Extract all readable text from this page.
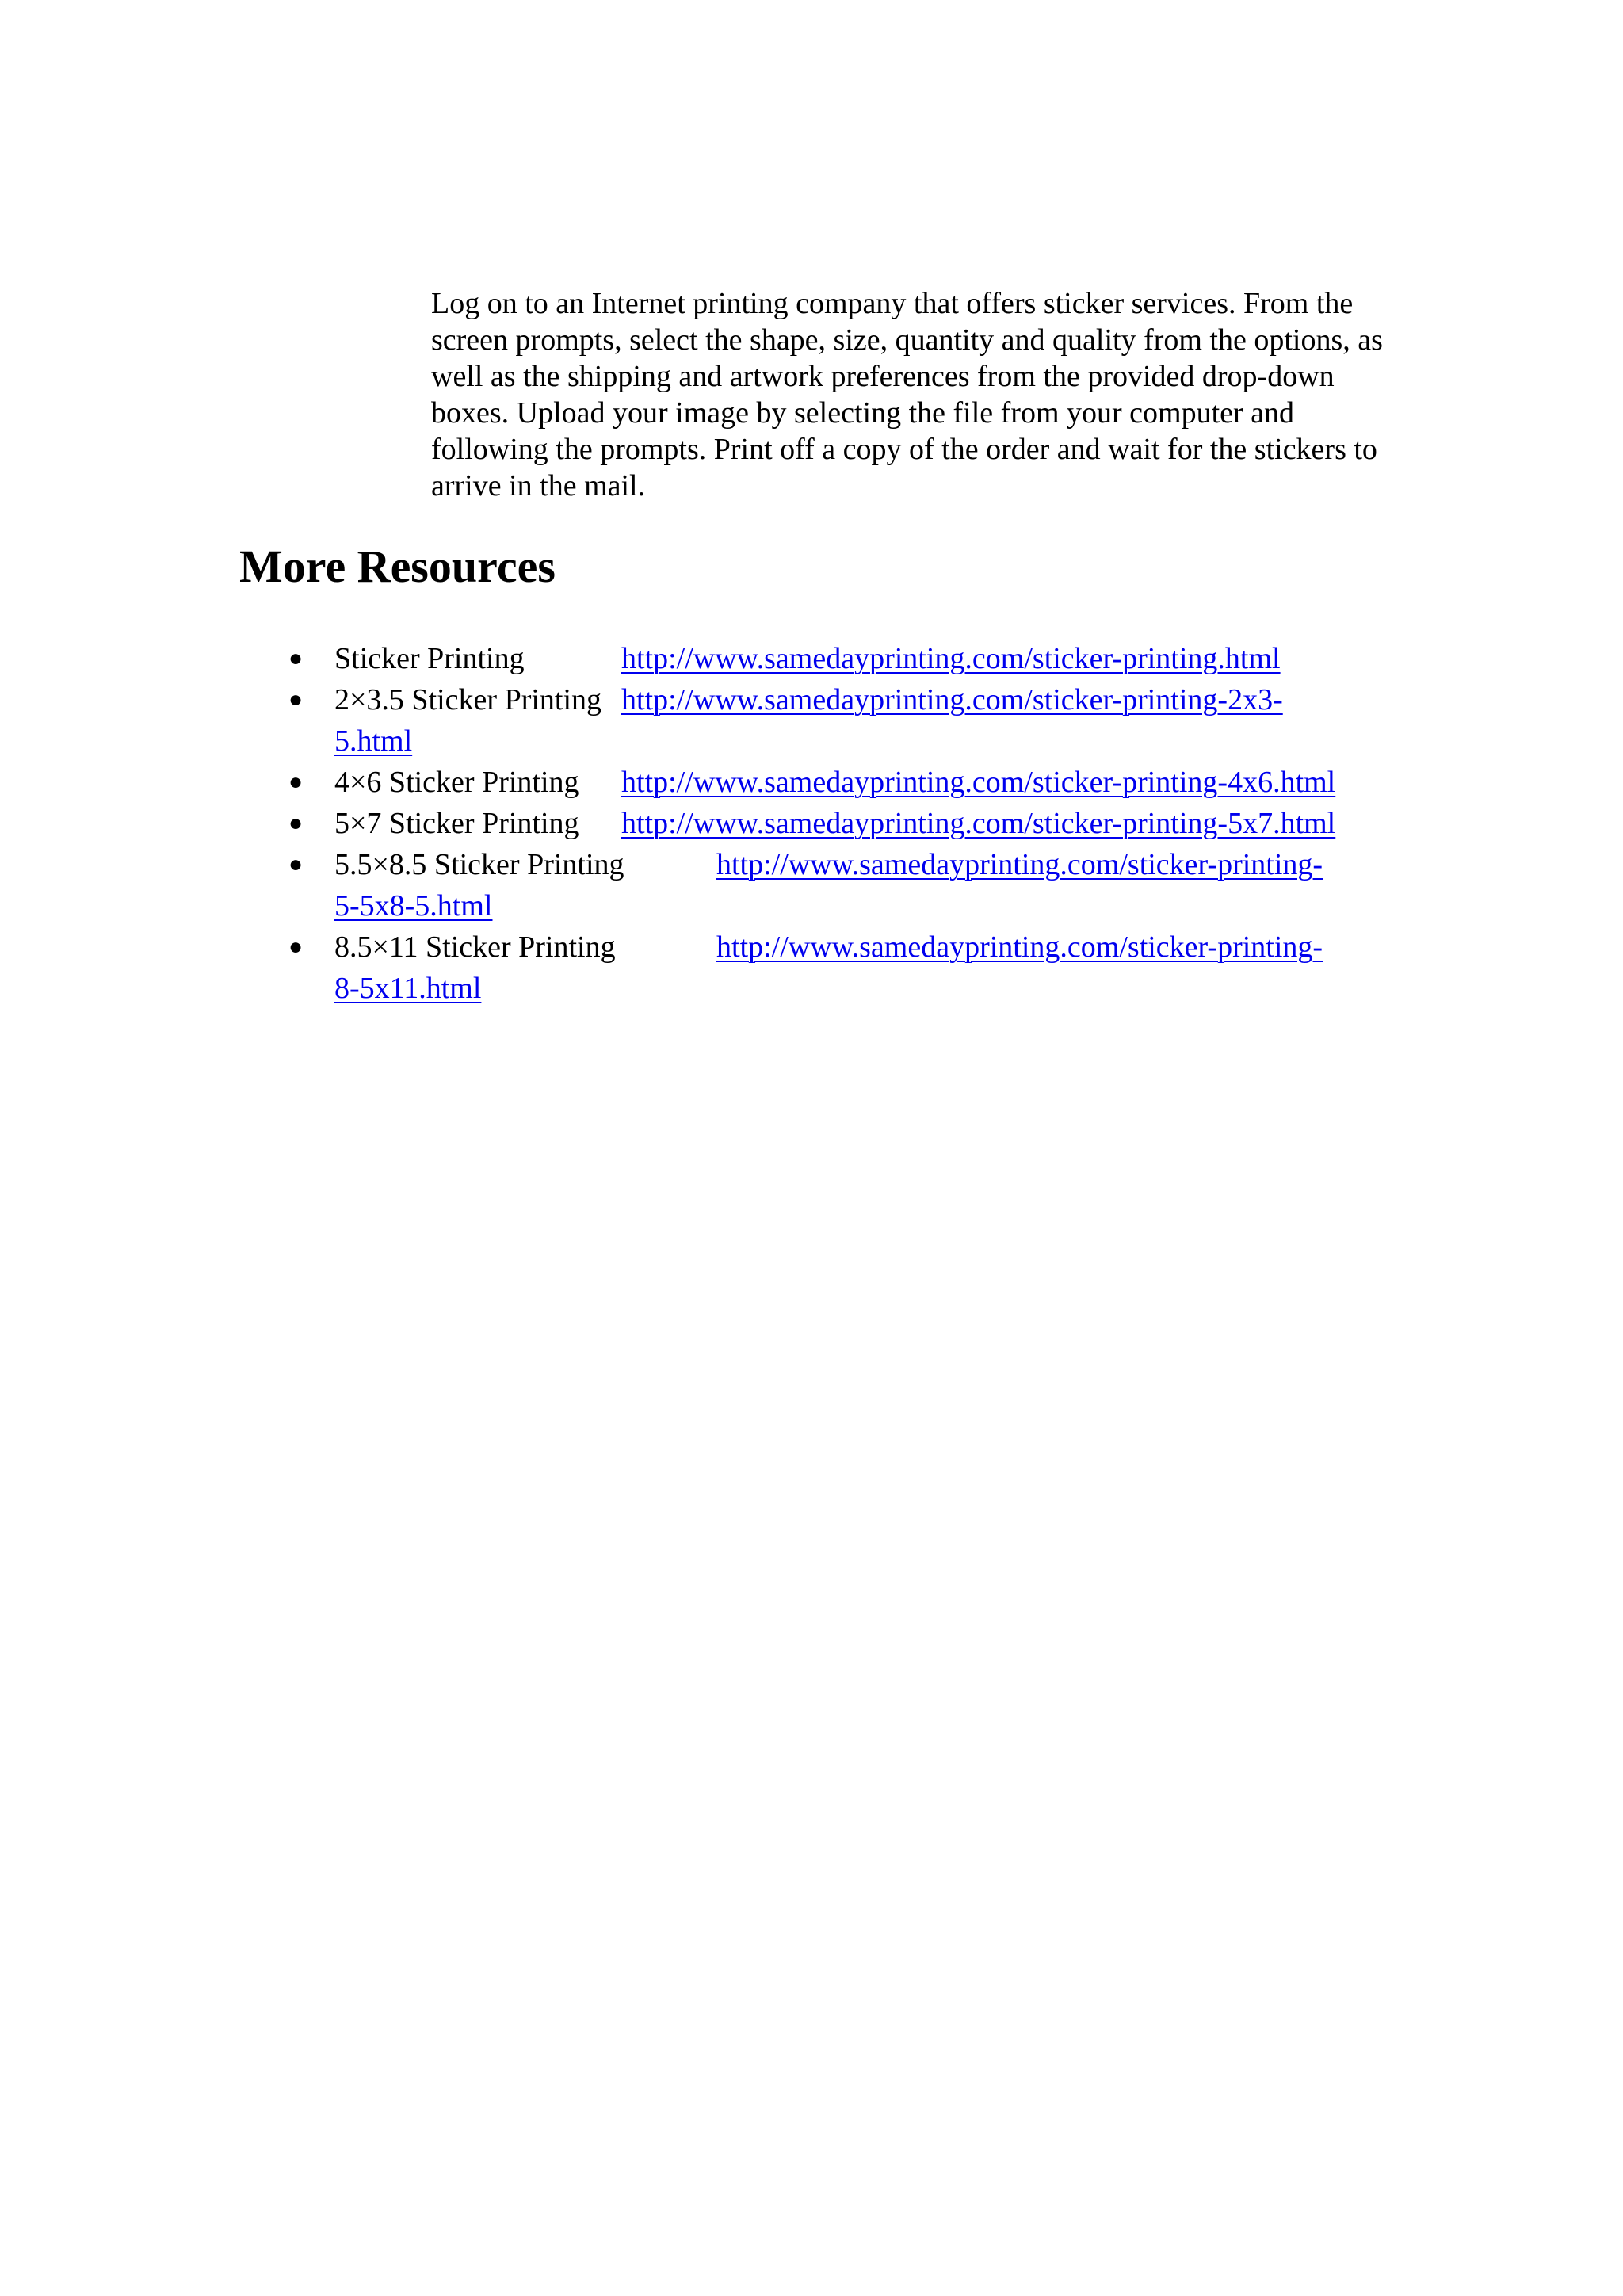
Log on to an Internet printing company that offers sticker services. From the screen prompts, select the shape, size, quantity and quality from the options, as well as the shipping and artwork preferences from the provided drop-down boxes. Upload your image by selecting the file from your computer and following the prompts. Print off a copy of the order and wait for the stickers to arrive in the mail.

More Resources
● Sticker Printing	http://www.samedayprinting.com/sticker-printing.html
● 2×3.5 Sticker Printing http://www.samedayprinting.com/sticker-printing-2x3-
5.html
● 4×6 Sticker Printing http://www.samedayprinting.com/sticker-printing-4x6.html
● 5×7 Sticker Printing http://www.samedayprinting.com/sticker-printing-5x7.html
● 5.5×8.5 Sticker Printing	http://www.samedayprinting.com/sticker-printing-
5-5x8-5.html
● 8.5×11 Sticker Printing	http://www.samedayprinting.com/sticker-printing-
8-5x11.html
